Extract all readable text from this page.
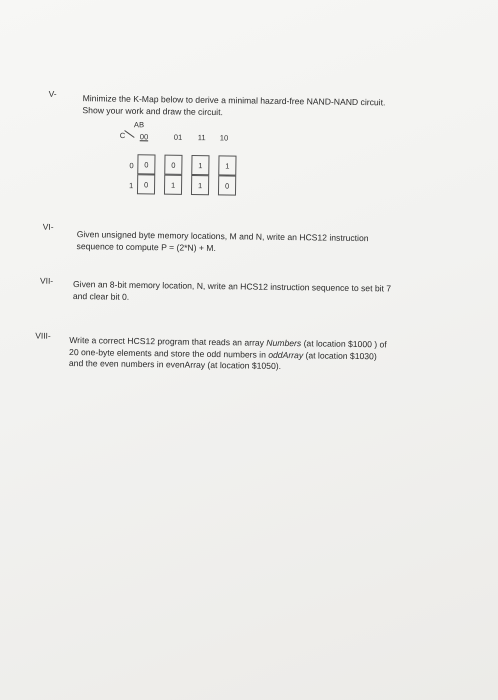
V-	Minimize the K-Map below to derive a minimal hazard-free NAND-NAND circuit.
Show your work and draw the circuit.
AB
C 00	01 11 10
0
1
0	0	1	1
0	1	1	0
VI-
Given unsigned byte memory locations, M and N, write an HCS12 instruction
sequence to compute P = (2*N) + M.
VII- Given an 8-bit memory location, N, write an HCS12 instruction sequence to set bit 7
and clear bit 0.
VIII- Write a correct HCS12 program that reads an array Numbers (at location $1000 ) of
20 one-byte elements and store the odd numbers in oddArray (at location $1030)
and the even numbers in evenArray (at location $1050).
